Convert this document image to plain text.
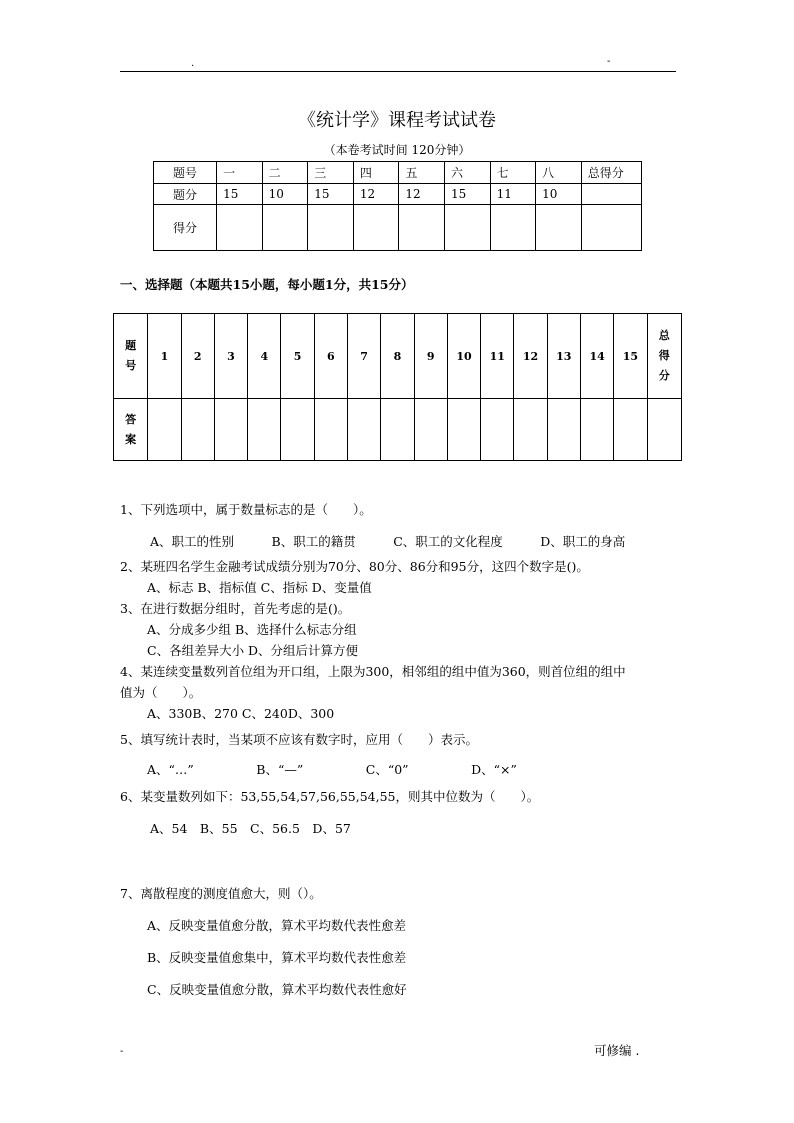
.	-
《统计学》课程考试试卷
（本卷考试时间 120分钟）
题号	一	二	三	四	五	六	七	八	总得分
题分	15	10	15	12	12	15	11	10	
得分									
一、选择题（本题共15小题，每小题1分，共15分）
题号	1	2	3	4	5	6	7	8	9	10	11	12	13	14	15	总得分

答案																

1、下列选项中，属于数量标志的是（　　）。
A、职工的性别　　　B、职工的籍贯　　　C、职工的文化程度　　　D、职工的身高
2、某班四名学生金融考试成绩分别为70分、80分、86分和95分，这四个数字是()。
A、标志 B、指标值 C、指标 D、变量值
3、在进行数据分组时，首先考虑的是()。
A、分成多少组 B、选择什么标志分组
C、各组差异大小 D、分组后计算方便
4、某连续变量数列首位组为开口组，上限为300，相邻组的组中值为360，则首位组的组中
值为（　　）。
A、330B、270 C、240D、300
5、填写统计表时，当某项不应该有数字时，应用（　　）表示。
A、“…”　　　　　B、“—”　　　　　C、“0”　　　　　D、“×”
6、某变量数列如下：53,55,54,57,56,55,54,55，则其中位数为（　　）。
A、54　B、55　C、56.5　D、57
7、离散程度的测度值愈大，则（）。
A、反映变量值愈分散，算术平均数代表性愈差
B、反映变量值愈集中，算术平均数代表性愈差
C、反映变量值愈分散，算术平均数代表性愈好
-	可修编 .
